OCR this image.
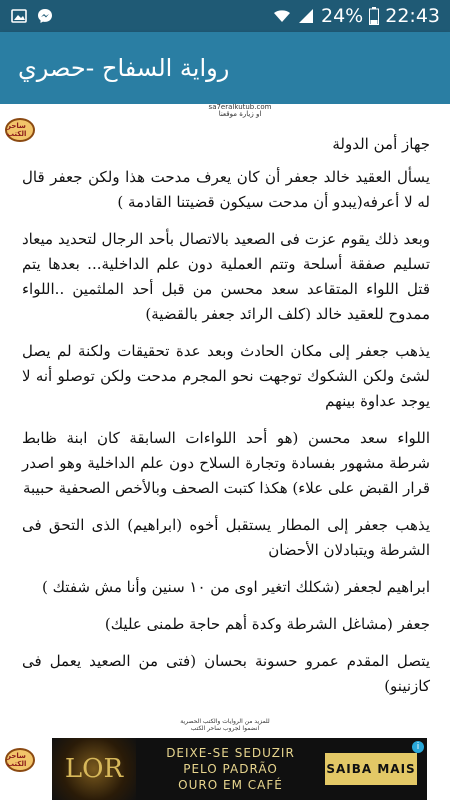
24% 22:43
رواية السفاح -حصري
sa7eralkutub.com
او زيارة موقعنا
ساحر الكتب

جهاز أمن الدولة

يسأل العقيد خالد جعفر أن كان يعرف مدحت هذا ولكن جعفر قال له لا أعرفه(يبدو أن مدحت سيكون قضيتنا القادمة )

وبعد ذلك يقوم عزت فى الصعيد بالاتصال بأحد الرجال لتحديد ميعاد تسليم صفقة أسلحة وتتم العملية دون علم الداخلية... بعدها يتم قتل اللواء المتقاعد سعد محسن من قبل أحد الملثمين ..اللواء ممدوح للعقيد خالد (كلف الرائد جعفر بالقضية)

يذهب جعفر إلى مكان الحادث وبعد عدة تحقيقات ولكنة لم يصل لشئ ولكن الشكوك توجهت نحو المجرم مدحت ولكن توصلو أنه لا يوجد عداوة بينهم

اللواء سعد محسن (هو أحد اللواءات السابقة كان ابنة ظابط شرطة مشهور بفسادة وتجارة السلاح دون علم الداخلية وهو اصدر قرار القبض على علاء) هكذا كتبت الصحف وبالأخص الصحفية حبيبة

يذهب جعفر إلى المطار يستقبل أخوه (ابراهيم) الذى التحق فى الشرطة ويتبادلان الأحضان

ابراهيم لجعفر (شكلك اتغير اوى من ١٠ سنين وأنا مش شفتك )

جعفر (مشاغل الشرطة وكدة أهم حاجة طمنى عليك)

يتصل المقدم عمرو حسونة بحسان (فتى من الصعيد يعمل فى كازنينو)

للمزيد من الروايات والكتب الحصرية
انضموا لجروب ساحر الكتب
ساحر الكتب	LOR
DEIXE-SE SEDUZIR
PELO PADRÃO
OURO EM CAFÉ
SAIBA MAIS
i
